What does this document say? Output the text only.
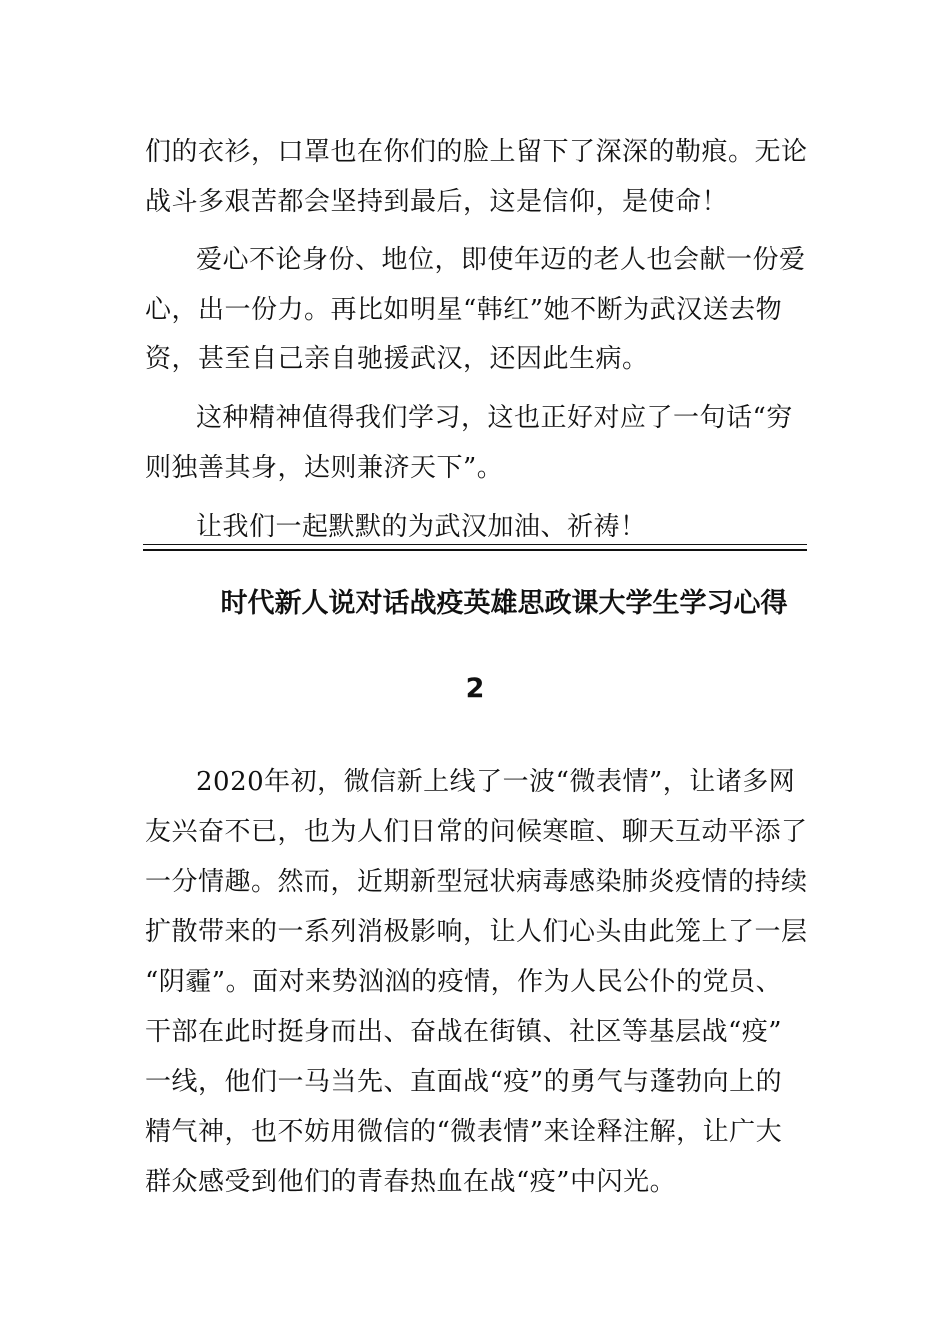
们的衣衫，口罩也在你们的脸上留下了深深的勒痕。无论
战斗多艰苦都会坚持到最后，这是信仰，是使命！
爱心不论身份、地位，即使年迈的老人也会献一份爱
心，出一份力。再比如明星“韩红”她不断为武汉送去物
资，甚至自己亲自驰援武汉，还因此生病。
这种精神值得我们学习，这也正好对应了一句话“穷
则独善其身，达则兼济天下”。
让我们一起默默的为武汉加油、祈祷！
时代新人说对话战疫英雄思政课大学生学习心得
2
2020年初，微信新上线了一波“微表情”，让诸多网
友兴奋不已，也为人们日常的问候寒暄、聊天互动平添了
一分情趣。然而，近期新型冠状病毒感染肺炎疫情的持续
扩散带来的一系列消极影响，让人们心头由此笼上了一层
“阴霾”。面对来势汹汹的疫情，作为人民公仆的党员、
干部在此时挺身而出、奋战在街镇、社区等基层战“疫”
一线，他们一马当先、直面战“疫”的勇气与蓬勃向上的
精气神，也不妨用微信的“微表情”来诠释注解，让广大
群众感受到他们的青春热血在战“疫”中闪光。
